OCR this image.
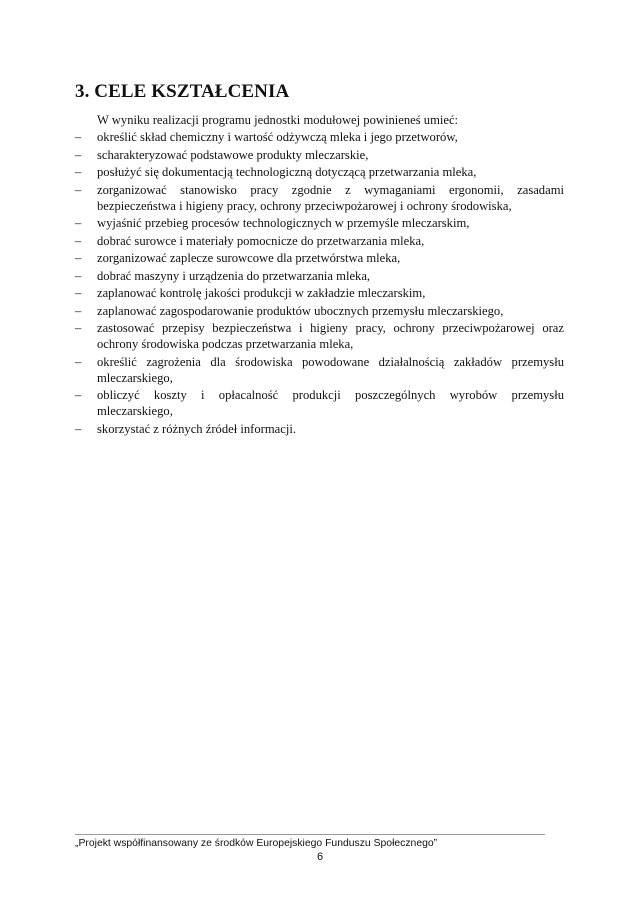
3. CELE KSZTAŁCENIA
W wyniku realizacji programu jednostki modułowej powinieneś umieć:
–	określić skład chemiczny i wartość odżywczą mleka i jego przetworów,
–	scharakteryzować podstawowe produkty mleczarskie,
–	posłużyć się dokumentacją technologiczną dotyczącą przetwarzania mleka,
–	zorganizować stanowisko pracy zgodnie z wymaganiami ergonomii, zasadami bezpieczeństwa i higieny pracy, ochrony przeciwpożarowej i ochrony środowiska,
–	wyjaśnić przebieg procesów technologicznych w przemyśle mleczarskim,
–	dobrać surowce i materiały pomocnicze do przetwarzania mleka,
–	zorganizować zaplecze surowcowe dla przetwórstwa mleka,
–	dobrać maszyny i urządzenia do przetwarzania mleka,
–	zaplanować kontrolę jakości produkcji w zakładzie mleczarskim,
–	zaplanować zagospodarowanie produktów ubocznych przemysłu mleczarskiego,
–	zastosować przepisy bezpieczeństwa i higieny pracy, ochrony przeciwpożarowej oraz ochrony środowiska podczas przetwarzania mleka,
–	określić zagrożenia dla środowiska powodowane działalnością zakładów przemysłu mleczarskiego,
–	obliczyć koszty i opłacalność produkcji poszczególnych wyrobów przemysłu mleczarskiego,
–	skorzystać z różnych źródeł informacji.
„Projekt współfinansowany ze środków Europejskiego Funduszu Społecznego”
6
